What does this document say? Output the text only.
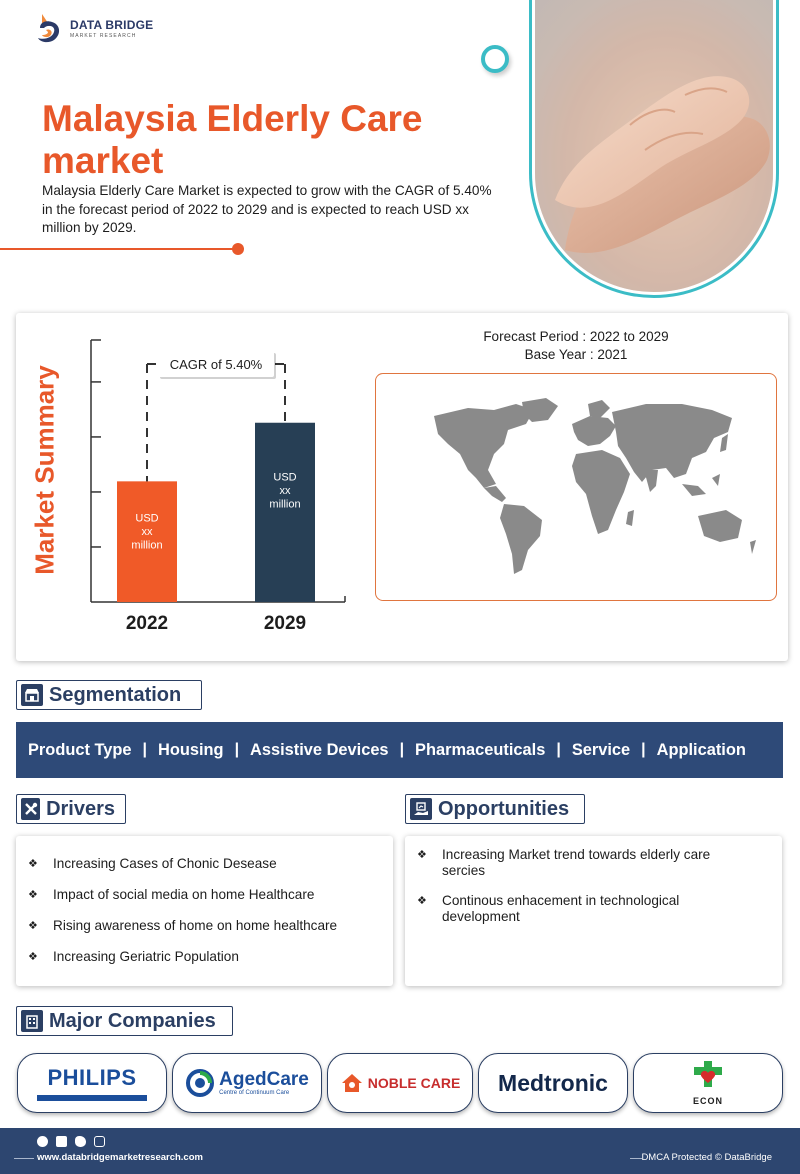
DATA BRIDGE
MARKET RESEARCH
Malaysia Elderly Care market
Malaysia Elderly Care Market is expected to grow with the CAGR of 5.40% in the forecast period of 2022 to 2029 and is expected to reach USD xx million by 2029.
Market Summary	USD
xx
million
2022
USD
xx
million
2029
CAGR of 5.40%
Forecast Period : 2022 to 2029
Base Year : 2021
Segmentation
Product Type | Housing | Assistive Devices | Pharmaceuticals | Service | Application
Drivers
❖ Increasing Cases of Chonic Desease
❖ Impact of social media on home Healthcare
❖ Rising awareness of home on home healthcare
❖ Increasing Geriatric Population
Opportunities
❖ Increasing Market trend towards elderly care sercies
❖ Continous enhacement in technological development
Major Companies
PHILIPS	AgedCare
Centre of Continuum Care
NOBLE CARE Medtronic
ECON
www.databridgemarketresearch.com	DMCA Protected © DataBridge
